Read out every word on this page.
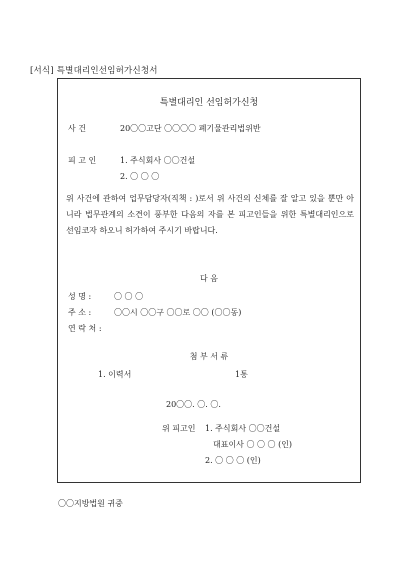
[서식] 특별대리인선임허가신청서
특별대리인 선임허가신청
사 건	20〇〇고단 〇〇〇〇 폐기물관리법위반
피 고 인	1. 주식회사 〇〇건설
2. 〇 〇 〇
위 사건에 관하여 업무담당자(직책 : )로서 위 사건의 신체를 잘 알고 있을 뿐만 아니라 법무관계의 소견이 풍부한 다음의 자를 본 피고인들을 위한 특별대리인으로 선임코자 하오니 허가하여 주시기 바랍니다.
다 음
성 명 :	〇 〇 〇
주 소 :	〇〇시 〇〇구 〇〇로 〇〇 (〇〇동)
연 락 처 :
첨 부 서 류
1. 이력서	1통
20〇〇. 〇. 〇.
위 피고인 1. 주식회사 〇〇건설
대표이사 〇 〇 〇 (인)
2. 〇 〇 〇 (인)
〇〇지방법원 귀중
